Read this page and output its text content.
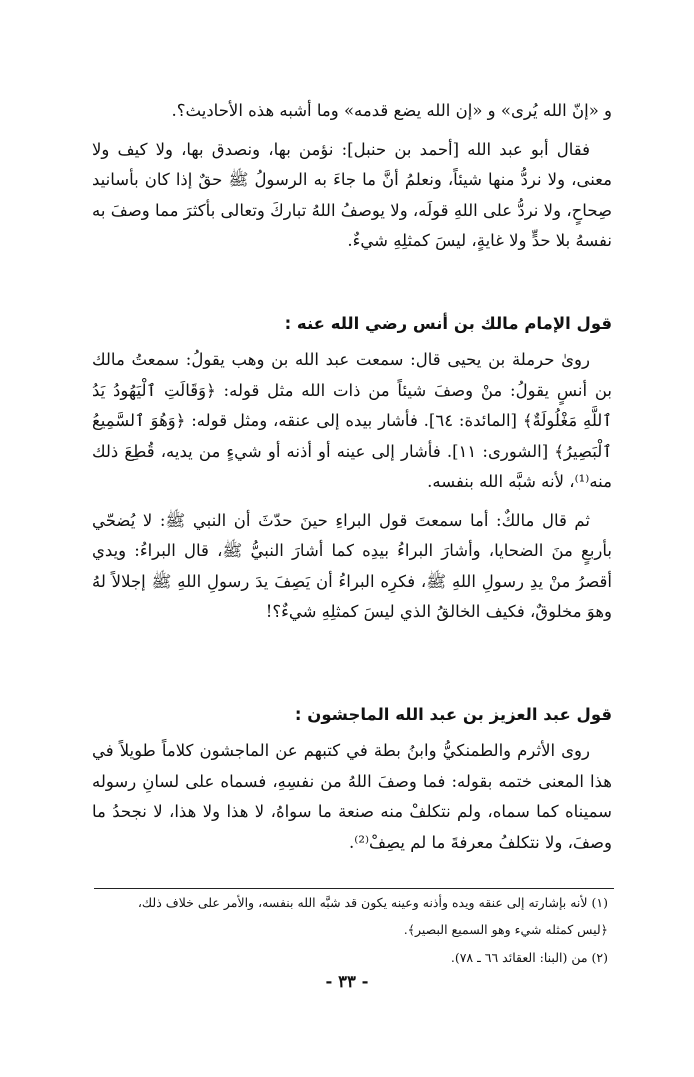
و «إنّ الله يُرى» و «إن الله يضع قدمه» وما أشبه هذه الأحاديث؟.

فقال أبو عبد الله [أحمد بن حنبل]: نؤمن بها، ونصدق بها، ولا كيف ولا معنى، ولا نردُّ منها شيئاً، ونعلمُ أنَّ ما جاءَ به الرسولُ ﷺ حقٌ إذا كان بأسانيد صِحاحٍ، ولا نردُّ على اللهِ قولَه، ولا يوصفُ اللهُ تباركَ وتعالى بأكثرَ مما وصفَ به نفسهُ بلا حدٍّ ولا غايةٍ، ليسَ كمثلِهِ شيءٌ.

قول الإمام مالك بن أنس رضي الله عنه :

روىٰ حرملة بن يحيى قال: سمعت عبد الله بن وهب يقولُ: سمعتُ مالك بن أنسٍ يقولُ: منْ وصفَ شيئاً من ذات الله مثل قوله: ﴿وَقَالَتِ ٱلْيَهُودُ يَدُ ٱللَّهِ مَغْلُولَةٌ﴾ [المائدة: ٦٤]. فأشار بيده إلى عنقه، ومثل قوله: ﴿وَهُوَ ٱلسَّمِيعُ ٱلْبَصِيرُ﴾ [الشورى: ١١]. فأشار إلى عينه أو أذنه أو شيءٍ من يديه، قُطِعَ ذلك منه⁽¹⁾، لأنه شبَّه الله بنفسه.

ثم قال مالكٌ: أما سمعتَ قول البراءِ حينَ حدّثَ أن النبي ﷺ: لا يُضحّي بأربعٍ منَ الضحايا، وأشارَ البراءُ بيدِه كما أشارَ النبيُّ ﷺ، قال البراءُ: ويدي أقصرُ منْ يدِ رسولِ اللهِ ﷺ، فكرِه البراءُ أن يَصِفَ يدَ رسولِ اللهِ ﷺ إجلالاً لهُ وهوَ مخلوقٌ، فكيف الخالقُ الذي ليسَ كمثلِهِ شيءٌ؟!

قول عبد العزيز بن عبد الله الماجشون :

روى الأثرم والطمنكيُّ وابنُ بطة في كتبهم عن الماجشون كلاماً طويلاً في هذا المعنى ختمه بقوله: فما وصفَ اللهُ من نفسِهِ، فسماه على لسانِ رسوله سميناه كما سماه، ولم نتكلفْ منه صنعة ما سواهُ، لا هذا ولا هذا، لا نجحدُ ما وصفَ، ولا نتكلفُ معرفةَ ما لم يصِفْ⁽²⁾.

(١) لأنه بإشارته إلى عنقه ويده وأذنه وعينه يكون قد شبَّه الله بنفسه، والأمر على خلاف ذلك،

﴿ليس كمثله شيء وهو السميع البصير﴾.

(٢) من (البنا: العقائد ٦٦ ـ ٧٨).

- ٣٣ -
